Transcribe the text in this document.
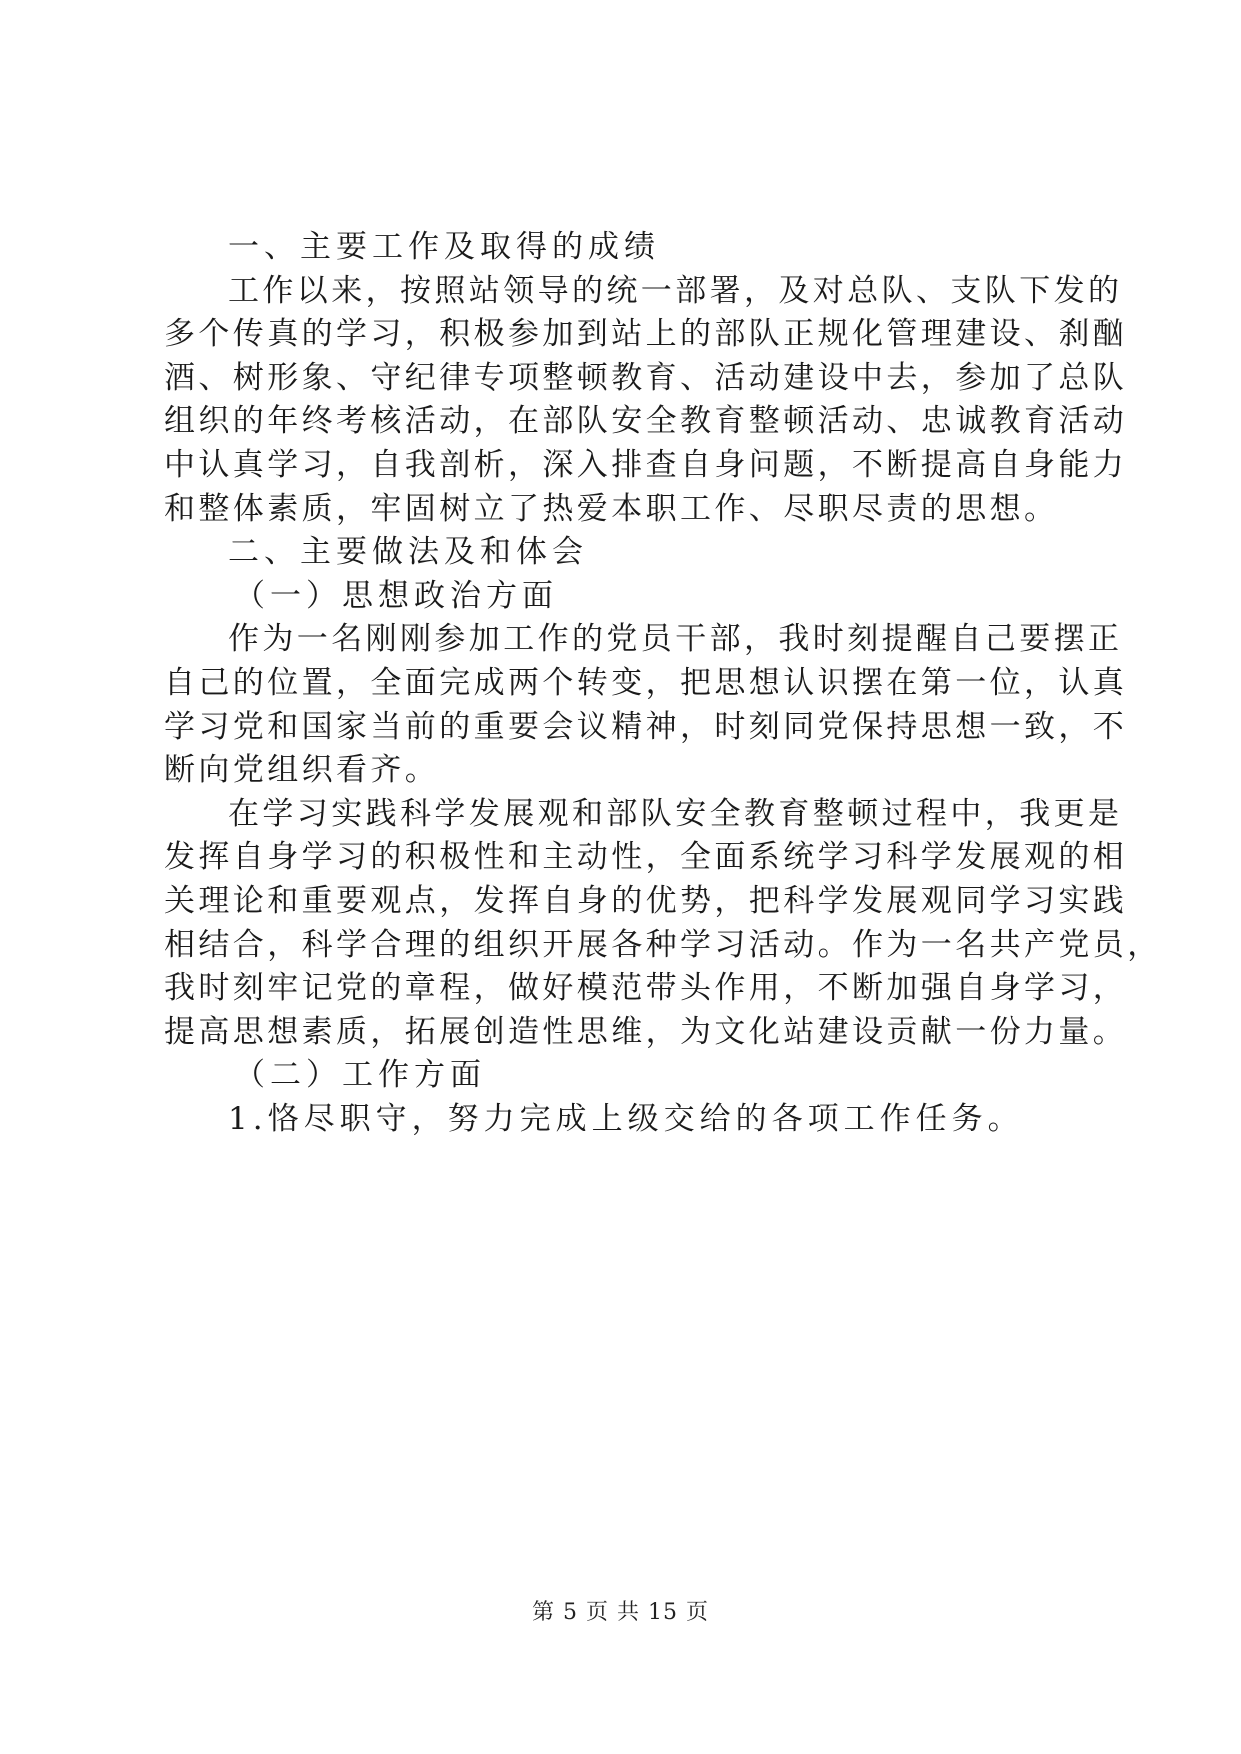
一、主要工作及取得的成绩

工作以来，按照站领导的统一部署，及对总队、支队下发的
多个传真的学习，积极参加到站上的部队正规化管理建设、刹酗
酒、树形象、守纪律专项整顿教育、活动建设中去，参加了总队
组织的年终考核活动，在部队安全教育整顿活动、忠诚教育活动
中认真学习，自我剖析，深入排查自身问题，不断提高自身能力
和整体素质，牢固树立了热爱本职工作、尽职尽责的思想。

二、主要做法及和体会

（一）思想政治方面

作为一名刚刚参加工作的党员干部，我时刻提醒自己要摆正
自己的位置，全面完成两个转变，把思想认识摆在第一位，认真
学习党和国家当前的重要会议精神，时刻同党保持思想一致，不
断向党组织看齐。

在学习实践科学发展观和部队安全教育整顿过程中，我更是
发挥自身学习的积极性和主动性，全面系统学习科学发展观的相
关理论和重要观点，发挥自身的优势，把科学发展观同学习实践
相结合，科学合理的组织开展各种学习活动。作为一名共产党员，
我时刻牢记党的章程，做好模范带头作用，不断加强自身学习，
提高思想素质，拓展创造性思维，为文化站建设贡献一份力量。

（二）工作方面

1.恪尽职守，努力完成上级交给的各项工作任务。

第 5 页 共 15 页
